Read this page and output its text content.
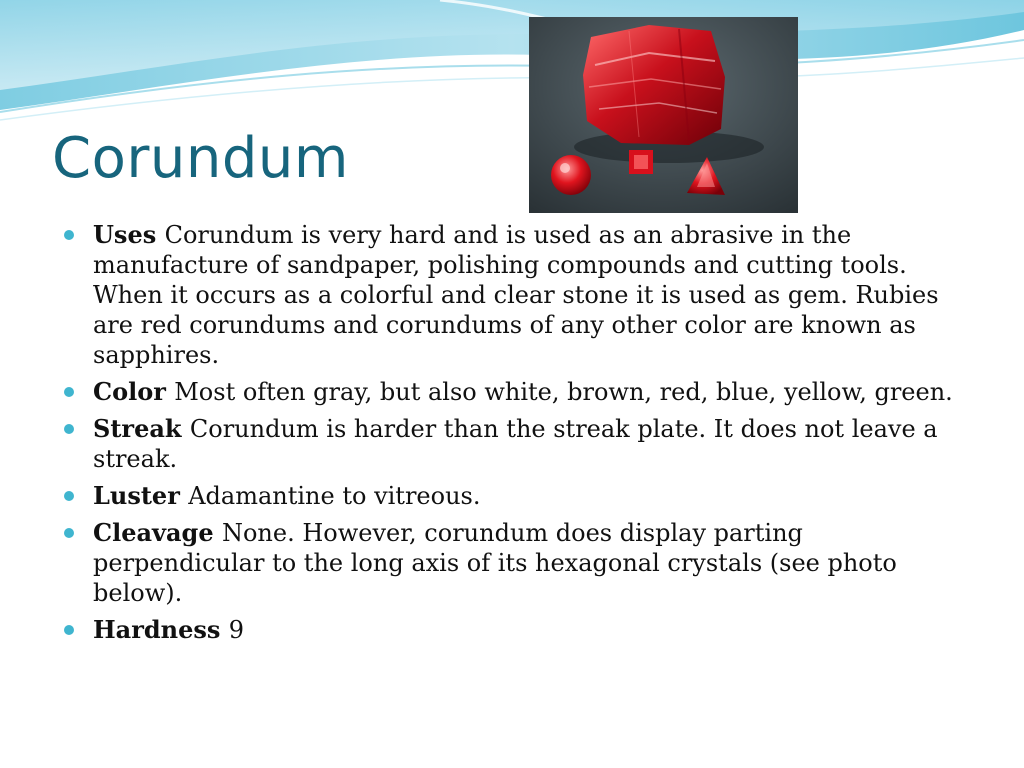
Corundum
Uses Corundum is very hard and is used as an abrasive in the manufacture of sandpaper, polishing compounds and cutting tools. When it occurs as a colorful and clear stone it is used as gem. Rubies are red corundums and corundums of any other color are known as sapphires.
Color Most often gray, but also white, brown, red, blue, yellow, green.
Streak Corundum is harder than the streak plate. It does not leave a streak.
Luster Adamantine to vitreous.
Cleavage None. However, corundum does display parting perpendicular to the long axis of its hexagonal crystals (see photo below).
Hardness 9
